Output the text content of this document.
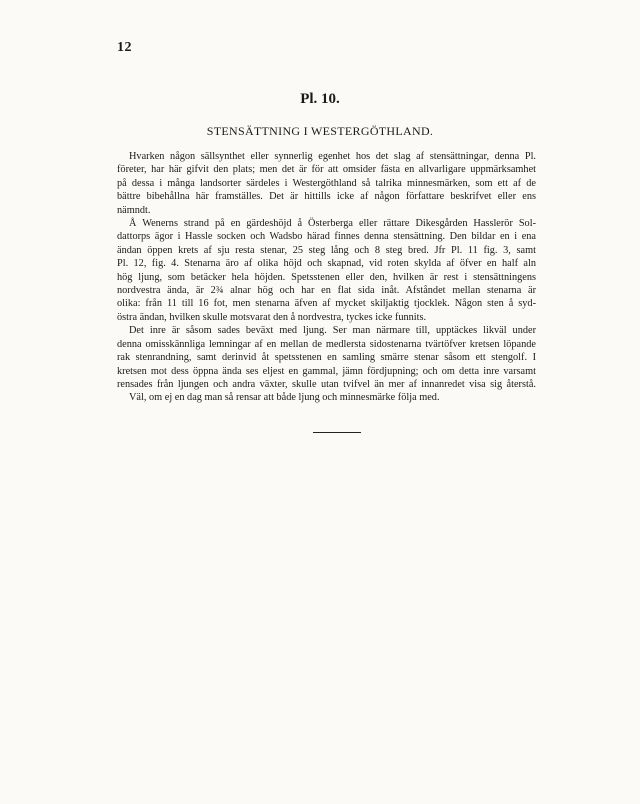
12
Pl. 10.
STENSÄTTNING I WESTERGÖTHLAND.
Hvarken någon sällsynthet eller synnerlig egenhet hos det slag af stensättningar, denna Pl.
företer, har här gifvit den plats; men det är för att omsider fästa en allvarligare uppmärksamhet
på dessa i många landsorter särdeles i Westergöthland så talrika minnesmärken, som ett af de
bättre bibehållna här framställes. Det är hittills icke af någon författare beskrifvet eller ens
nämndt.
Å Wenerns strand på en gärdeshöjd å Österberga eller rättare Dikesgården Hasslerör Sol-
dattorps ägor i Hassle socken och Wadsbo härad finnes denna stensättning. Den bildar en i ena
ändan öppen krets af sju resta stenar, 25 steg lång och 8 steg bred. Jfr Pl. 11 fig. 3, samt
Pl. 12, fig. 4. Stenarna äro af olika höjd och skapnad, vid roten skylda af öfver en half aln
hög ljung, som betäcker hela höjden. Spetsstenen eller den, hvilken är rest i stensättningens
nordvestra ända, är 2¾ alnar hög och har en flat sida inåt. Afståndet mellan stenarna är
olika: från 11 till 16 fot, men stenarna äfven af mycket skiljaktig tjocklek. Någon sten å syd-
östra ändan, hvilken skulle motsvarat den å nordvestra, tyckes icke funnits.
Det inre är såsom sades beväxt med ljung. Ser man närmare till, upptäckes likväl under
denna omisskännliga lemningar af en mellan de medlersta sidostenarna tvärtöfver kretsen löpande
rak stenrandning, samt derinvid åt spetsstenen en samling smärre stenar såsom ett stengolf. I
kretsen mot dess öppna ända ses eljest en gammal, jämn fördjupning; och om detta inre varsamt
rensades från ljungen och andra växter, skulle utan tvifvel än mer af innanredet visa sig återstå.
Väl, om ej en dag man så rensar att både ljung och minnesmärke följa med.
